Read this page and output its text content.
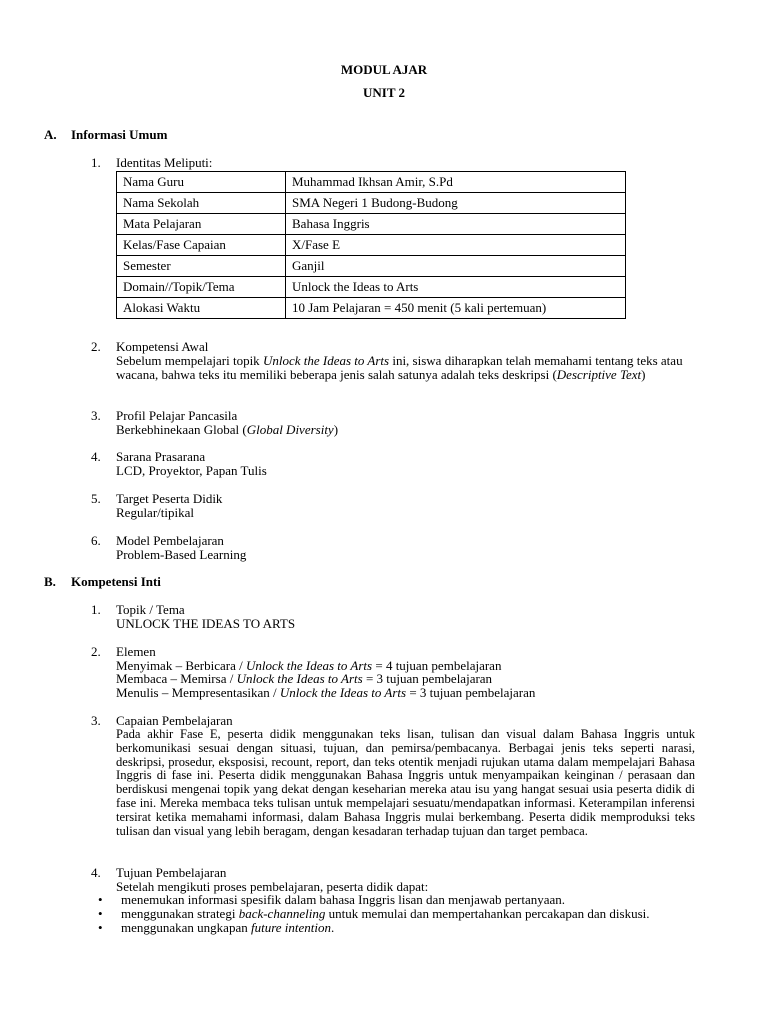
MODUL AJAR
UNIT 2
A. Informasi Umum
1. Identitas Meliputi:
Nama Guru	Muhammad Ikhsan Amir, S.Pd
Nama Sekolah	SMA Negeri 1 Budong-Budong
Mata Pelajaran	Bahasa Inggris
Kelas/Fase Capaian	X/Fase E
Semester	Ganjil
Domain//Topik/Tema	Unlock the Ideas to Arts
Alokasi Waktu	10 Jam Pelajaran = 450 menit (5 kali pertemuan)
2. Kompetensi Awal
Sebelum mempelajari topik Unlock the Ideas to Arts ini, siswa diharapkan telah memahami tentang teks atau wacana, bahwa teks itu memiliki beberapa jenis salah satunya adalah teks deskripsi (Descriptive Text)
3. Profil Pelajar Pancasila
Berkebhinekaan Global (Global Diversity)
4. Sarana Prasarana
LCD, Proyektor, Papan Tulis
5. Target Peserta Didik
Regular/tipikal
6. Model Pembelajaran
Problem-Based Learning
B. Kompetensi Inti
1. Topik / Tema
UNLOCK THE IDEAS TO ARTS
2. Elemen
Menyimak – Berbicara / Unlock the Ideas to Arts = 4 tujuan pembelajaran
Membaca – Memirsa / Unlock the Ideas to Arts = 3 tujuan pembelajaran
Menulis – Mempresentasikan / Unlock the Ideas to Arts = 3 tujuan pembelajaran
3. Capaian Pembelajaran
Pada akhir Fase E, peserta didik menggunakan teks lisan, tulisan dan visual dalam Bahasa Inggris untuk berkomunikasi sesuai dengan situasi, tujuan, dan pemirsa/pembacanya. Berbagai jenis teks seperti narasi, deskripsi, prosedur, eksposisi, recount, report, dan teks otentik menjadi rujukan utama dalam mempelajari Bahasa Inggris di fase ini. Peserta didik menggunakan Bahasa Inggris untuk menyampaikan keinginan / perasaan dan berdiskusi mengenai topik yang dekat dengan keseharian mereka atau isu yang hangat sesuai usia peserta didik di fase ini. Mereka membaca teks tulisan untuk mempelajari sesuatu/mendapatkan informasi. Keterampilan inferensi tersirat ketika memahami informasi, dalam Bahasa Inggris mulai berkembang. Peserta didik memproduksi teks tulisan dan visual yang lebih beragam, dengan kesadaran terhadap tujuan dan target pembaca.
4. Tujuan Pembelajaran
Setelah mengikuti proses pembelajaran, peserta didik dapat:
• menemukan informasi spesifik dalam bahasa Inggris lisan dan menjawab pertanyaan.
• menggunakan strategi back-channeling untuk memulai dan mempertahankan percakapan dan diskusi.
• menggunakan ungkapan future intention.
